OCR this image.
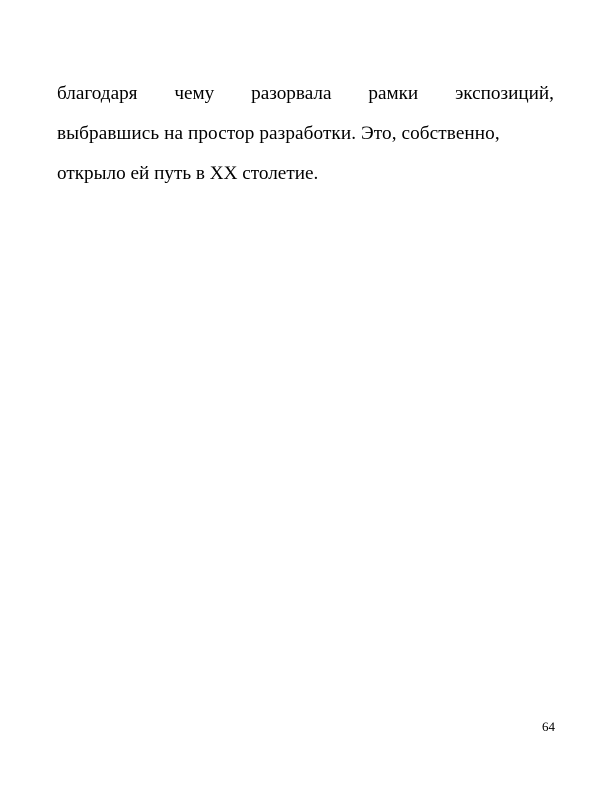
благодаря чему разорвала рамки экспозиций,
выбравшись на простор разработки. Это, собственно,
открыло ей путь в XX столетие.
64
